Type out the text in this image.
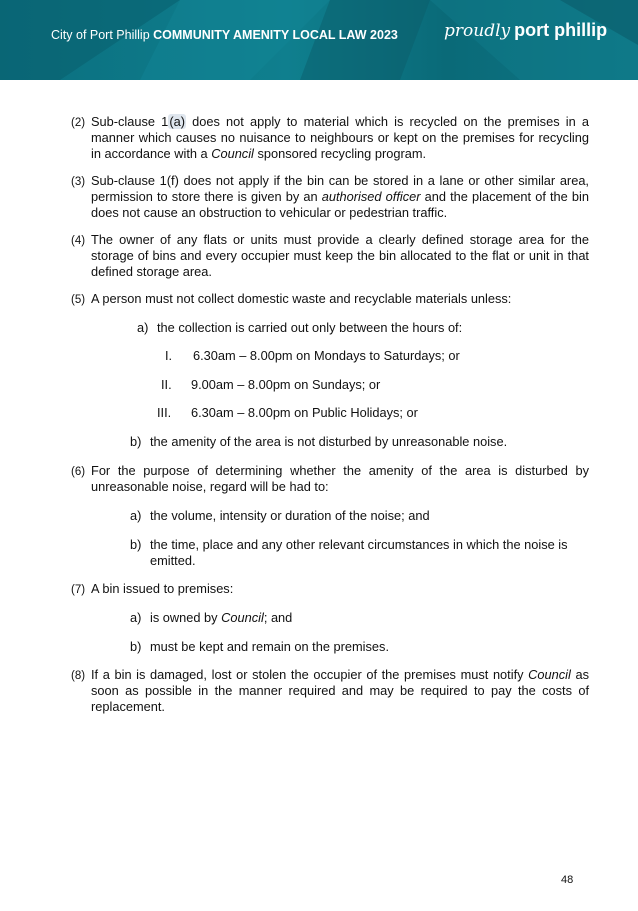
City of Port Phillip COMMUNITY AMENITY LOCAL LAW 2023	proudly port phillip
(2) Sub-clause 1(a) does not apply to material which is recycled on the premises in a manner which causes no nuisance to neighbours or kept on the premises for recycling in accordance with a Council sponsored recycling program.
(3) Sub-clause 1(f) does not apply if the bin can be stored in a lane or other similar area, permission to store there is given by an authorised officer and the placement of the bin does not cause an obstruction to vehicular or pedestrian traffic.
(4) The owner of any flats or units must provide a clearly defined storage area for the storage of bins and every occupier must keep the bin allocated to the flat or unit in that defined storage area.
(5) A person must not collect domestic waste and recyclable materials unless:
a) the collection is carried out only between the hours of:
I. 6.30am – 8.00pm on Mondays to Saturdays; or
II. 9.00am – 8.00pm on Sundays; or
III. 6.30am – 8.00pm on Public Holidays; or
b) the amenity of the area is not disturbed by unreasonable noise.
(6) For the purpose of determining whether the amenity of the area is disturbed by unreasonable noise, regard will be had to:
a) the volume, intensity or duration of the noise; and
b) the time, place and any other relevant circumstances in which the noise is emitted.
(7) A bin issued to premises:
a) is owned by Council; and
b) must be kept and remain on the premises.
(8) If a bin is damaged, lost or stolen the occupier of the premises must notify Council as soon as possible in the manner required and may be required to pay the costs of replacement.
48
